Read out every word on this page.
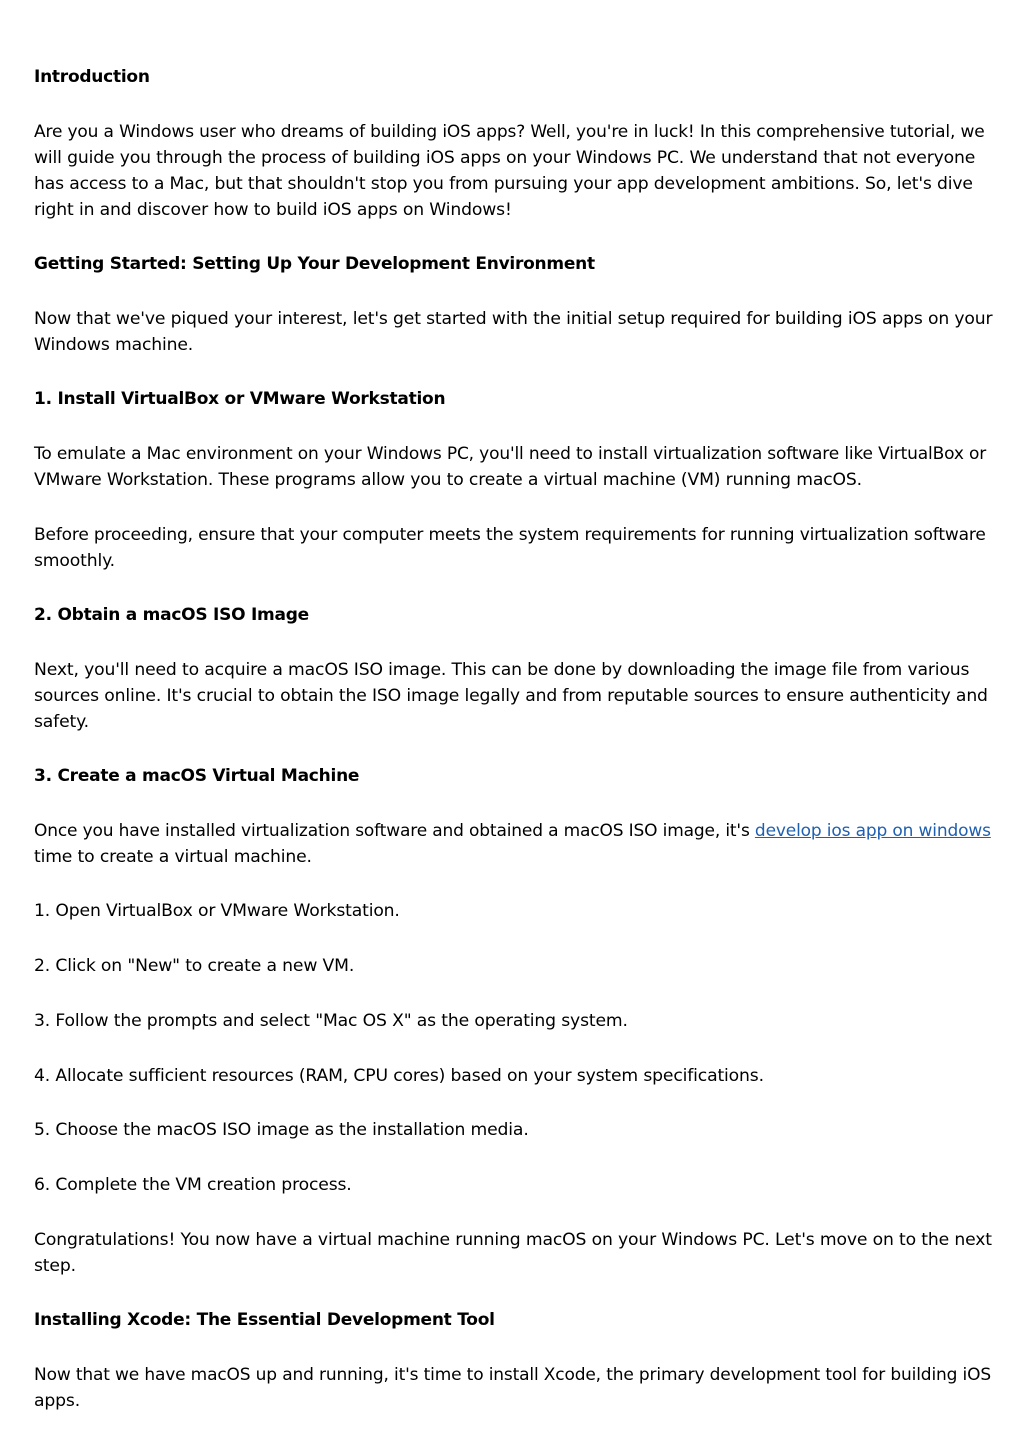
Introduction
Are you a Windows user who dreams of building iOS apps? Well, you're in luck! In this comprehensive tutorial, we
will guide you through the process of building iOS apps on your Windows PC. We understand that not everyone
has access to a Mac, but that shouldn't stop you from pursuing your app development ambitions. So, let's dive
right in and discover how to build iOS apps on Windows!
Getting Started: Setting Up Your Development Environment
Now that we've piqued your interest, let's get started with the initial setup required for building iOS apps on your
Windows machine.
1. Install VirtualBox or VMware Workstation
To emulate a Mac environment on your Windows PC, you'll need to install virtualization software like VirtualBox or
VMware Workstation. These programs allow you to create a virtual machine (VM) running macOS.
Before proceeding, ensure that your computer meets the system requirements for running virtualization software
smoothly.
2. Obtain a macOS ISO Image
Next, you'll need to acquire a macOS ISO image. This can be done by downloading the image file from various
sources online. It's crucial to obtain the ISO image legally and from reputable sources to ensure authenticity and
safety.
3. Create a macOS Virtual Machine
Once you have installed virtualization software and obtained a macOS ISO image, it's develop ios app on windows
time to create a virtual machine.
1. Open VirtualBox or VMware Workstation.
2. Click on "New" to create a new VM.
3. Follow the prompts and select "Mac OS X" as the operating system.
4. Allocate sufficient resources (RAM, CPU cores) based on your system specifications.
5. Choose the macOS ISO image as the installation media.
6. Complete the VM creation process.
Congratulations! You now have a virtual machine running macOS on your Windows PC. Let's move on to the next
step.
Installing Xcode: The Essential Development Tool
Now that we have macOS up and running, it's time to install Xcode, the primary development tool for building iOS
apps.
